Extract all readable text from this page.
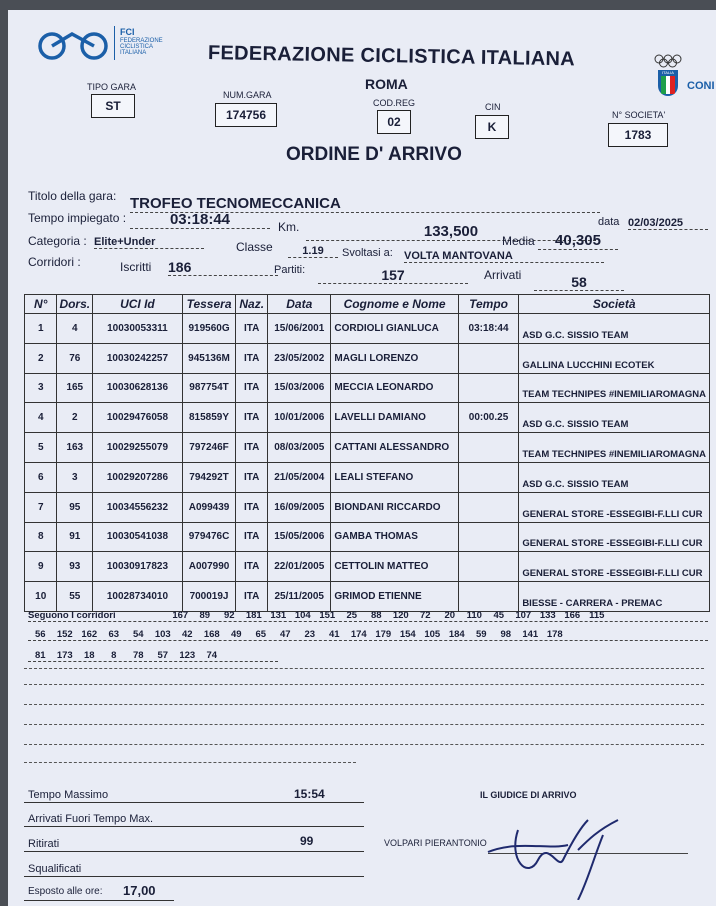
FCI
FEDERAZIONE
CICLISTICA
ITALIANA	FEDERAZIONE CICLISTICA ITALIANA
ROMA
ITALIA
CONI
TIPO GARA
ST
NUM.GARA
174756
COD.REG
02
CIN
K
N° SOCIETA'
1783
ORDINE D' ARRIVO
Titolo della gara: TROFEO TECNOMECCANICA
Tempo impiegato :	03:18:44	Km.	133,500
data 02/03/2025
Categoria : Elite+Under	Classe	1.19
Media	40,305
Svoltasi a: VOLTA MANTOVANA
Corridori :	Iscritti 186	Partiti:	157	Arrivati	58
N°	Dors.	UCI Id	Tessera	Naz.	Data	Cognome e Nome	Tempo	Società
1	4	10030053311	919560G	ITA	15/06/2001	CORDIOLI GIANLUCA	03:18:44	ASD G.C. SISSIO TEAM
2	76	10030242257	945136M	ITA	23/05/2002	MAGLI LORENZO		GALLINA LUCCHINI ECOTEK
3	165	10030628136	987754T	ITA	15/03/2006	MECCIA LEONARDO		TEAM TECHNIPES #INEMILIAROMAGNA
4	2	10029476058	815859Y	ITA	10/01/2006	LAVELLI DAMIANO	00:00.25	ASD G.C. SISSIO TEAM
5	163	10029255079	797246F	ITA	08/03/2005	CATTANI ALESSANDRO		TEAM TECHNIPES #INEMILIAROMAGNA
6	3	10029207286	794292T	ITA	21/05/2004	LEALI STEFANO		ASD G.C. SISSIO TEAM
7	95	10034556232	A099439	ITA	16/09/2005	BIONDANI RICCARDO		GENERAL STORE -ESSEGIBI-F.LLI CUR
8	91	10030541038	979476C	ITA	15/05/2006	GAMBA THOMAS		GENERAL STORE -ESSEGIBI-F.LLI CUR
9	93	10030917823	A007990	ITA	22/01/2005	CETTOLIN MATTEO		GENERAL STORE -ESSEGIBI-F.LLI CUR
10	55	10028734010	700019J	ITA	25/11/2005	GRIMOD ETIENNE		BIESSE - CARRERA - PREMAC
Seguono I corridori	167 89 92 181 131 104 151 25 88 120 72 20 110 45 107 133 166 115
56 152 162 63 54 103 42 168 49 65 47 23 41 174 179 154 105 184 59 98 141 178
81 173 18 8 78 57 123 74
Tempo Massimo	15:54
Arrivati Fuori Tempo Max.
Ritirati	99
Squalificati
Esposto alle ore: 17,00
IL GIUDICE DI ARRIVO
VOLPARI PIERANTONIO
